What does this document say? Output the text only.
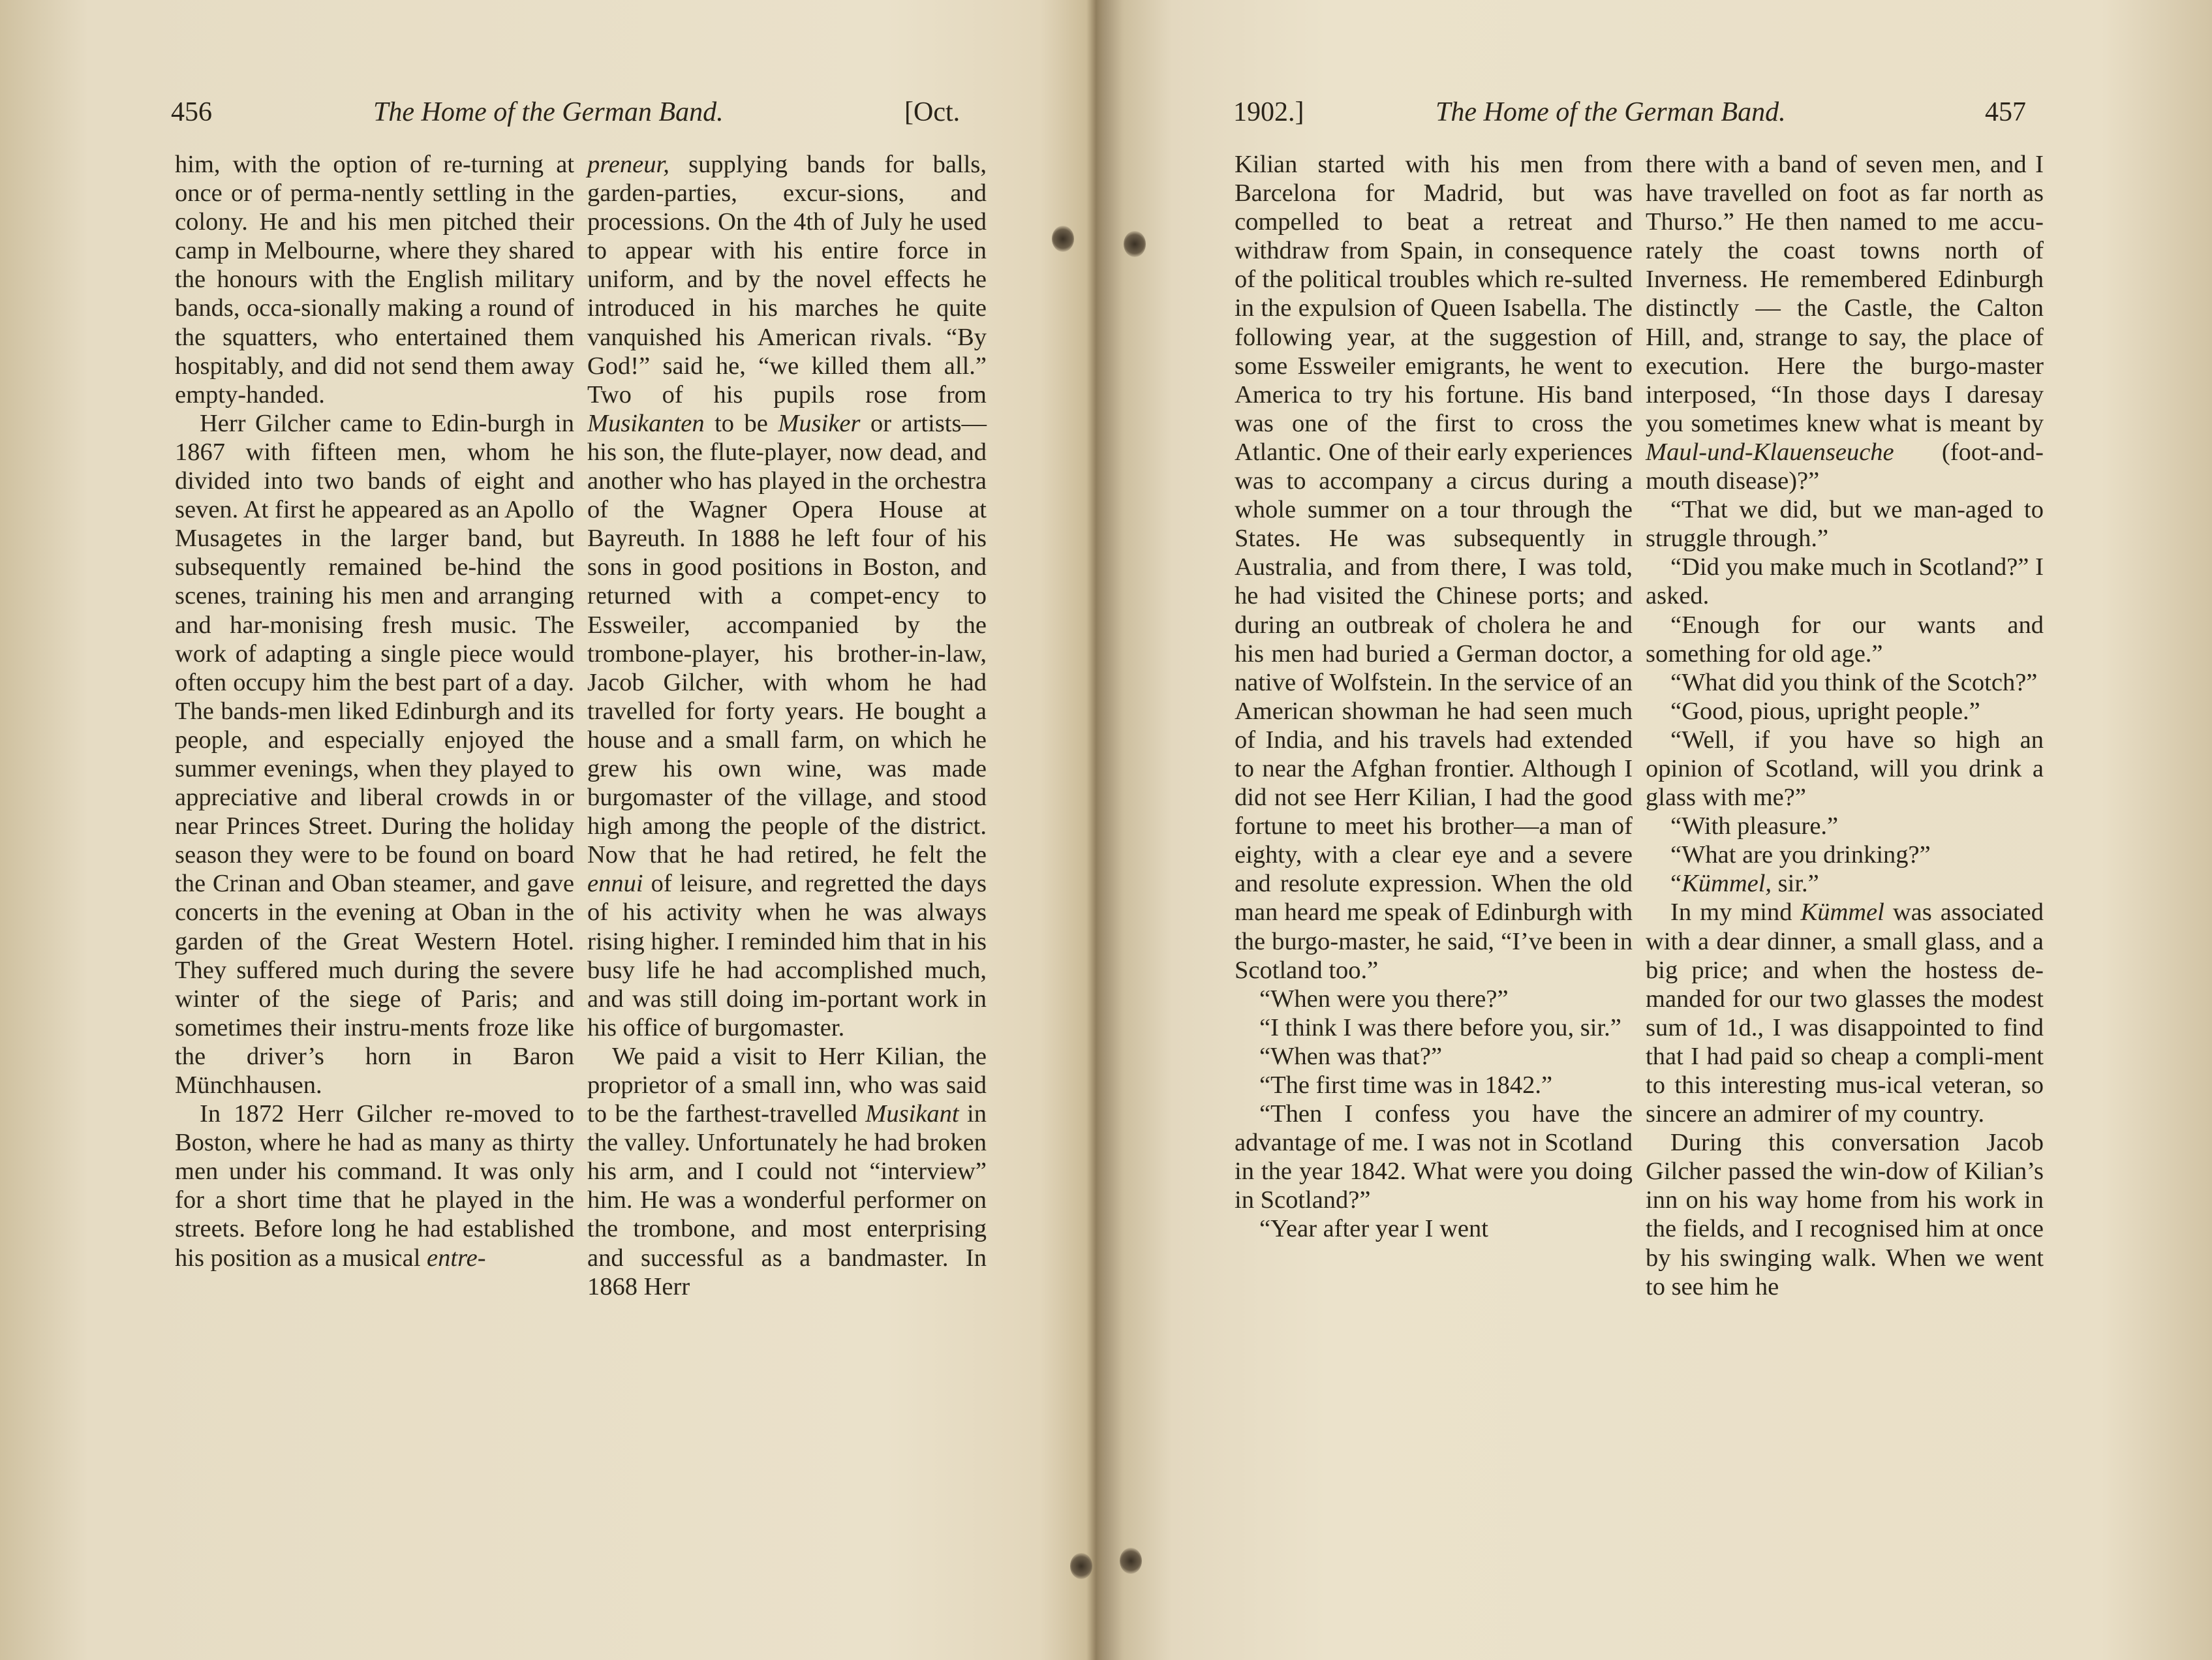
456	The Home of the German Band.	[Oct.

him, with the option of re-turning at once or of perma-nently settling in the colony. He and his men pitched their camp in Melbourne, where they shared the honours with the English military bands, occa-sionally making a round of the squatters, who entertained them hospitably, and did not send them away empty-handed.

Herr Gilcher came to Edin-burgh in 1867 with fifteen men, whom he divided into two bands of eight and seven. At first he appeared as an Apollo Musagetes in the larger band, but subsequently remained be-hind the scenes, training his men and arranging and har-monising fresh music. The work of adapting a single piece would often occupy him the best part of a day. The bands-men liked Edinburgh and its people, and especially enjoyed the summer evenings, when they played to appreciative and liberal crowds in or near Princes Street. During the holiday season they were to be found on board the Crinan and Oban steamer, and gave concerts in the evening at Oban in the garden of the Great Western Hotel. They suffered much during the severe winter of the siege of Paris; and sometimes their instru-ments froze like the driver’s horn in Baron Münchhausen.

In 1872 Herr Gilcher re-moved to Boston, where he had as many as thirty men under his command. It was only for a short time that he played in the streets. Before long he had established his position as a musical entre-

preneur, supplying bands for balls, garden-parties, excur-sions, and processions. On the 4th of July he used to appear with his entire force in uniform, and by the novel effects he introduced in his marches he quite vanquished his American rivals. “By God!” said he, “we killed them all.” Two of his pupils rose from Musikanten to be Musiker or artists—his son, the flute-player, now dead, and another who has played in the orchestra of the Wagner Opera House at Bayreuth. In 1888 he left four of his sons in good positions in Boston, and returned with a compet-ency to Essweiler, accompanied by the trombone-player, his brother-in-law, Jacob Gilcher, with whom he had travelled for forty years. He bought a house and a small farm, on which he grew his own wine, was made burgomaster of the village, and stood high among the people of the district. Now that he had retired, he felt the ennui of leisure, and regretted the days of his activity when he was always rising higher. I reminded him that in his busy life he had accomplished much, and was still doing im-portant work in his office of burgomaster.

We paid a visit to Herr Kilian, the proprietor of a small inn, who was said to be the farthest-travelled Musikant in the valley. Unfortunately he had broken his arm, and I could not “interview” him. He was a wonderful performer on the trombone, and most enterprising and successful as a bandmaster. In 1868 Herr

1902.]	The Home of the German Band.	457

Kilian started with his men from Barcelona for Madrid, but was compelled to beat a retreat and withdraw from Spain, in consequence of the political troubles which re-sulted in the expulsion of Queen Isabella. The following year, at the suggestion of some Essweiler emigrants, he went to America to try his fortune. His band was one of the first to cross the Atlantic. One of their early experiences was to accompany a circus during a whole summer on a tour through the States. He was subsequently in Australia, and from there, I was told, he had visited the Chinese ports; and during an outbreak of cholera he and his men had buried a German doctor, a native of Wolfstein. In the service of an American showman he had seen much of India, and his travels had extended to near the Afghan frontier. Although I did not see Herr Kilian, I had the good fortune to meet his brother—a man of eighty, with a clear eye and a severe and resolute expression. When the old man heard me speak of Edinburgh with the burgo-master, he said, “I’ve been in Scotland too.”

“When were you there?”

“I think I was there before you, sir.”

“When was that?”

“The first time was in 1842.”

“Then I confess you have the advantage of me. I was not in Scotland in the year 1842. What were you doing in Scotland?”

“Year after year I went

there with a band of seven men, and I have travelled on foot as far north as Thurso.” He then named to me accu-rately the coast towns north of Inverness. He remembered Edinburgh distinctly — the Castle, the Calton Hill, and, strange to say, the place of execution. Here the burgo-master interposed, “In those days I daresay you sometimes knew what is meant by Maul-und-Klauenseuche (foot-and-mouth disease)?”

“That we did, but we man-aged to struggle through.”

“Did you make much in Scotland?” I asked.

“Enough for our wants and something for old age.”

“What did you think of the Scotch?”

“Good, pious, upright people.”

“Well, if you have so high an opinion of Scotland, will you drink a glass with me?”

“With pleasure.”

“What are you drinking?”

“Kümmel, sir.”

In my mind Kümmel was associated with a dear dinner, a small glass, and a big price; and when the hostess de-manded for our two glasses the modest sum of 1d., I was disappointed to find that I had paid so cheap a compli-ment to this interesting mus-ical veteran, so sincere an admirer of my country.

During this conversation Jacob Gilcher passed the win-dow of Kilian’s inn on his way home from his work in the fields, and I recognised him at once by his swinging walk. When we went to see him he
